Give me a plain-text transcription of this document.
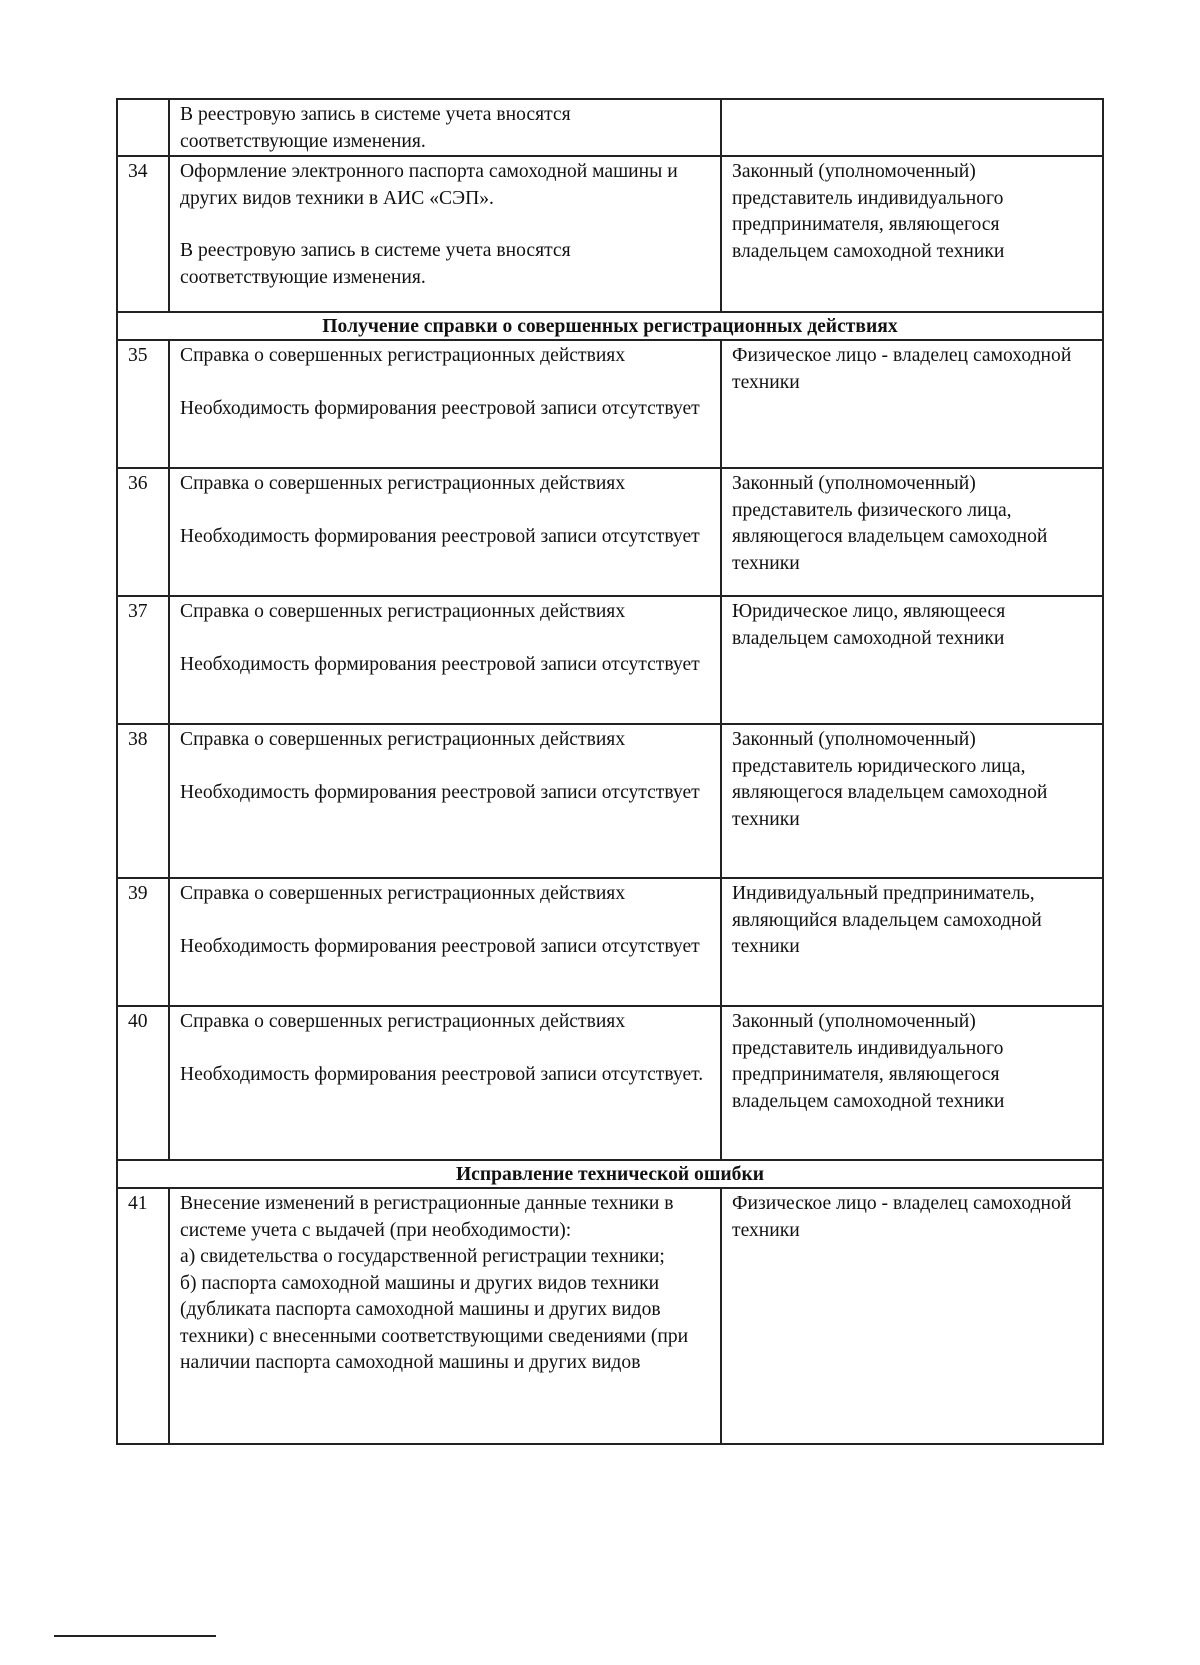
	В реестровую запись в системе учета вносятся соответствующие изменения.	

34	Оформление электронного паспорта самоходной машины и других видов техники в АИС «СЭП».

В реестровую запись в системе учета вносятся соответствующие изменения.	Законный (уполномоченный) представитель индивидуального предпринимателя, являющегося владельцем самоходной техники
Получение справки о совершенных регистрационных действиях		
35	Справка о совершенных регистрационных действиях

Необходимость формирования реестровой записи отсутствует	Физическое лицо - владелец самоходной техники
36	Справка о совершенных регистрационных действиях

Необходимость формирования реестровой записи отсутствует	Законный (уполномоченный) представитель физического лица, являющегося владельцем самоходной техники
37	Справка о совершенных регистрационных действиях

Необходимость формирования реестровой записи отсутствует	Юридическое лицо, являющееся владельцем самоходной техники
38	Справка о совершенных регистрационных действиях

Необходимость формирования реестровой записи отсутствует	Законный (уполномоченный) представитель юридического лица, являющегося владельцем самоходной техники
39	Справка о совершенных регистрационных действиях

Необходимость формирования реестровой записи отсутствует	Индивидуальный предприниматель, являющийся владельцем самоходной техники
40	Справка о совершенных регистрационных действиях

Необходимость формирования реестровой записи отсутствует.	Законный (уполномоченный) представитель индивидуального предпринимателя, являющегося владельцем самоходной техники
Исправление технической ошибки		
41	Внесение изменений в регистрационные данные техники в системе учета с выдачей (при необходимости):

а) свидетельства о государственной регистрации техники;

б) паспорта самоходной машины и других видов техники (дубликата паспорта самоходной машины и других видов техники) с внесенными соответствующими сведениями (при наличии паспорта самоходной машины и других видов	Физическое лицо - владелец самоходной техники
